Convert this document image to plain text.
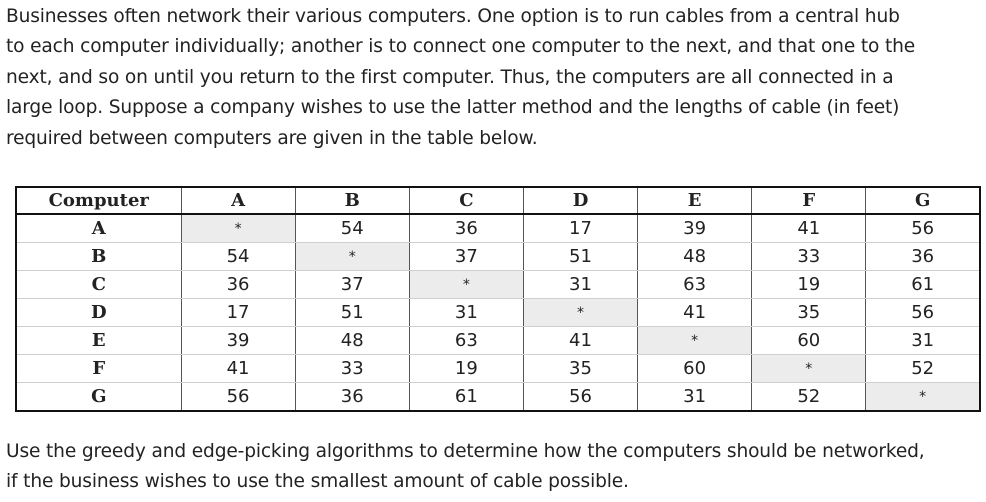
Businesses often network their various computers. One option is to run cables from a central hub
to each computer individually; another is to connect one computer to the next, and that one to the
next, and so on until you return to the first computer. Thus, the computers are all connected in a
large loop. Suppose a company wishes to use the latter method and the lengths of cable (in feet)
required between computers are given in the table below.

Computer	A	B	C	D	E	F	G
A	*	54	36	17	39	41	56
B	54	*	37	51	48	33	36
C	36	37	*	31	63	19	61
D	17	51	31	*	41	35	56
E	39	48	63	41	*	60	31
F	41	33	19	35	60	*	52
G	56	36	61	56	31	52	*

Use the greedy and edge-picking algorithms to determine how the computers should be networked,
if the business wishes to use the smallest amount of cable possible.
